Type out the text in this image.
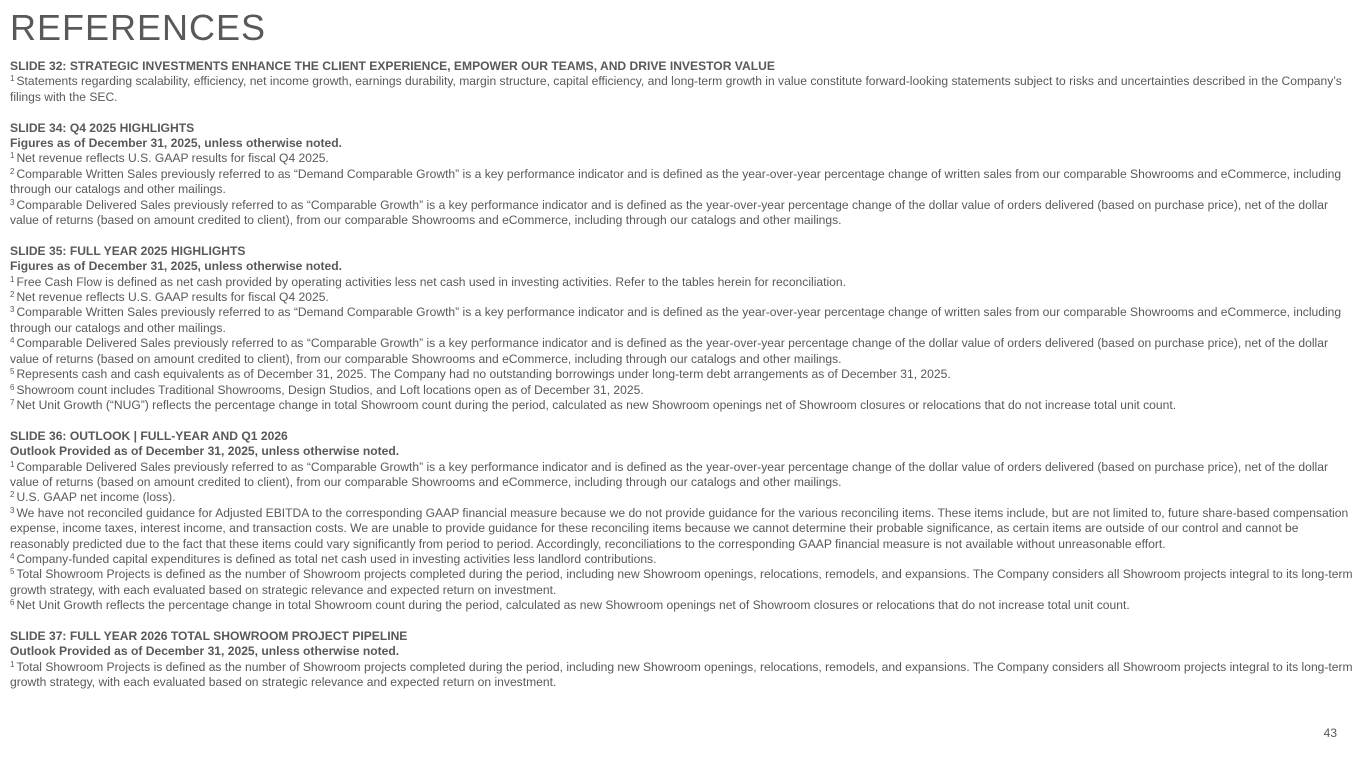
REFERENCES
SLIDE 32: STRATEGIC INVESTMENTS ENHANCE THE CLIENT EXPERIENCE, EMPOWER OUR TEAMS, AND DRIVE INVESTOR VALUE
$^1$ Statements regarding scalability, efficiency, net income growth, earnings durability, margin structure, capital efficiency, and long-term growth in value constitute forward-looking statements subject to risks and uncertainties described in the Company’s filings with the SEC.
SLIDE 34: Q4 2025 HIGHLIGHTS
Figures as of December 31, 2025, unless otherwise noted.
$^1$ Net revenue reflects U.S. GAAP results for fiscal Q4 2025.
$^2$ Comparable Written Sales previously referred to as “Demand Comparable Growth” is a key performance indicator and is defined as the year-over-year percentage change of written sales from our comparable Showrooms and eCommerce, including through our catalogs and other mailings.
$^3$ Comparable Delivered Sales previously referred to as “Comparable Growth” is a key performance indicator and is defined as the year-over-year percentage change of the dollar value of orders delivered (based on purchase price), net of the dollar value of returns (based on amount credited to client), from our comparable Showrooms and eCommerce, including through our catalogs and other mailings.
SLIDE 35: FULL YEAR 2025 HIGHLIGHTS
Figures as of December 31, 2025, unless otherwise noted.
$^1$ Free Cash Flow is defined as net cash provided by operating activities less net cash used in investing activities. Refer to the tables herein for reconciliation.
$^2$ Net revenue reflects U.S. GAAP results for fiscal Q4 2025.
$^3$ Comparable Written Sales previously referred to as “Demand Comparable Growth” is a key performance indicator and is defined as the year-over-year percentage change of written sales from our comparable Showrooms and eCommerce, including through our catalogs and other mailings.
$^4$ Comparable Delivered Sales previously referred to as “Comparable Growth” is a key performance indicator and is defined as the year-over-year percentage change of the dollar value of orders delivered (based on purchase price), net of the dollar value of returns (based on amount credited to client), from our comparable Showrooms and eCommerce, including through our catalogs and other mailings.
$^5$ Represents cash and cash equivalents as of December 31, 2025. The Company had no outstanding borrowings under long-term debt arrangements as of December 31, 2025.
$^6$ Showroom count includes Traditional Showrooms, Design Studios, and Loft locations open as of December 31, 2025.
$^7$ Net Unit Growth (“NUG”) reflects the percentage change in total Showroom count during the period, calculated as new Showroom openings net of Showroom closures or relocations that do not increase total unit count.
SLIDE 36: OUTLOOK | FULL-YEAR AND Q1 2026
Outlook Provided as of December 31, 2025, unless otherwise noted.
$^1$ Comparable Delivered Sales previously referred to as “Comparable Growth” is a key performance indicator and is defined as the year-over-year percentage change of the dollar value of orders delivered (based on purchase price), net of the dollar value of returns (based on amount credited to client), from our comparable Showrooms and eCommerce, including through our catalogs and other mailings.
$^2$ U.S. GAAP net income (loss).
$^3$ We have not reconciled guidance for Adjusted EBITDA to the corresponding GAAP financial measure because we do not provide guidance for the various reconciling items. These items include, but are not limited to, future share-based compensation expense, income taxes, interest income, and transaction costs. We are unable to provide guidance for these reconciling items because we cannot determine their probable significance, as certain items are outside of our control and cannot be reasonably predicted due to the fact that these items could vary significantly from period to period. Accordingly, reconciliations to the corresponding GAAP financial measure is not available without unreasonable effort.
$^4$ Company-funded capital expenditures is defined as total net cash used in investing activities less landlord contributions.
$^5$ Total Showroom Projects is defined as the number of Showroom projects completed during the period, including new Showroom openings, relocations, remodels, and expansions. The Company considers all Showroom projects integral to its long-term growth strategy, with each evaluated based on strategic relevance and expected return on investment.
$^6$ Net Unit Growth reflects the percentage change in total Showroom count during the period, calculated as new Showroom openings net of Showroom closures or relocations that do not increase total unit count.
SLIDE 37: FULL YEAR 2026 TOTAL SHOWROOM PROJECT PIPELINE
Outlook Provided as of December 31, 2025, unless otherwise noted.
$^1$ Total Showroom Projects is defined as the number of Showroom projects completed during the period, including new Showroom openings, relocations, remodels, and expansions. The Company considers all Showroom projects integral to its long-term growth strategy, with each evaluated based on strategic relevance and expected return on investment.
43
